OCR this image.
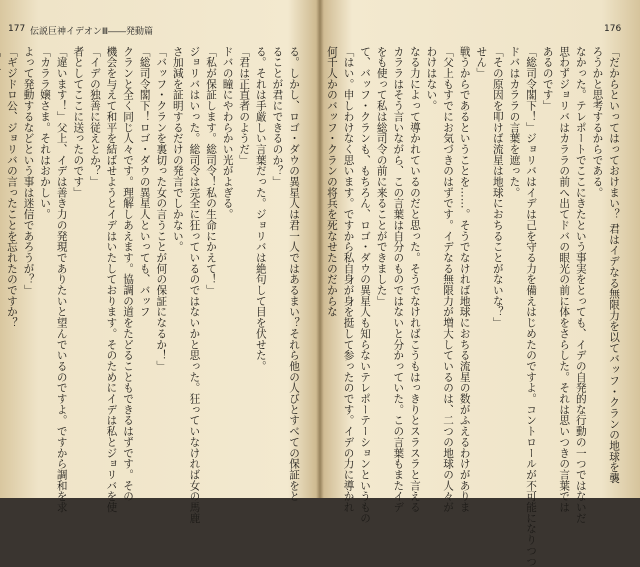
177 伝説巨神イデオンⅢ――発動篇
る。しかし、ロゴ・ダウの異星人は君一人ではあるまい？それら他の人びとすべての保証をと
ることが君にできるのか？」
る。それは手厳しい言葉だった。ジョリバは絶句して目を伏せた。
「君は正直者のようだ」
ドバの瞳にやわらかい光がよぎる。
「私が保証します。総司令！私の生命にかえて！」
ジョリバはいった。総司令は完全に狂っているのではないかと思った。狂っていなければ女の馬鹿
さ加減を証明するだけの発言でしかない。
「バッフ・クランを裏切った女の言うことが何の保証になるか！」
「総司令閣下！ロゴ・ダウの異星人といっても、バッフ
クランと全く同じ人々です。理解しあえます。協調の道をたどることもできるはずです。その
機会を与えて和平を結ばせようとイデはいたしております。そのためにイデは私とジョリバを使
「イデの独善に従えとか？」
者としてここに送ったのです」
「違います！」父上、イデは善き力の発現でありたいと望んでいるのですよ。ですから調和を求
「カララ嬢さま。それはおかしい。
よって発動するなどという事は迷信であろうが？」
「ギジドロ公、ジョリバの言ったことを忘れたのですか？
176
「だからといってはっておけまい？ 君はイデなる無限力を以てバッフ・クランの地球を襲
ろうかと思考するからである。
なかった。テレポートでここにきたという事実をとっても、イデの自発的な行動の一つではないだ
思わずジョリバはカララの前へ出てドバの眼光の前に体をさらした。それは思いつきの言葉では
あるのです」
「総司令閣下！」ジョリバはイデは己を守る力を備えはじめたのですよ。コントロールが不可能になりつつ
ドバはカララの言葉を遮った。
「その原因を叩けば流星は地球におちることがないな？」
せん」
戦うからであるということを……。そうでなければ地球におちる流星の数がふえるわけがありま
「父上もすでにお気づきのはずです。イデなる無限力が増大しているのは、二つの地球の人々が
わけはない。
なる力によって導かれているのだと思った。そうでなければこうもはっきりとスラスラと言える
カララはそう言いながら、この言葉は自分のものではないと分かっていた。この言葉もまたイデ
をも使って私は総司令の前に来ることができました」
て、バッフ・クランも、もちろん、ロゴ・ダウの異星人も知らないテレポーテーションというもの
「はい。申しわけなく思います。ですから私自身が身を挺して参ったのです。イデの力に導かれ
何千人かのバッフ・クランの将兵を死なせたのだからな
